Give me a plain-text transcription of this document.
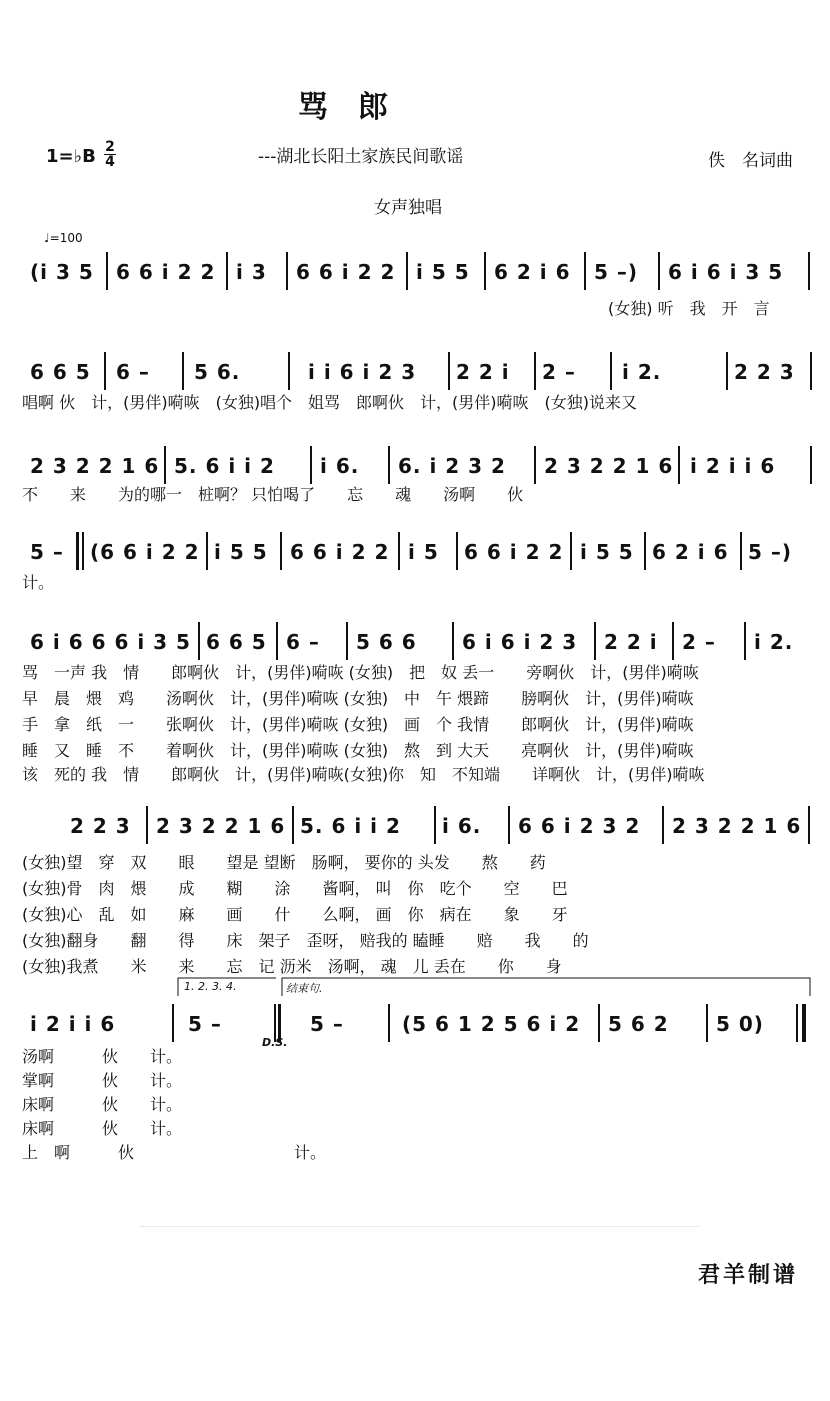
骂　郎
1=♭B 2
4	---湖北长阳土家族民间歌谣	佚　名词曲
女声独唱
♩=100
(i 3 5 6 6 i 2 2 i 3 6 6 i 2 2 i 5 5 6 2 i 6 5 –) 6 i 6 i 3 5
(女独) 听　我　开　言
6 6 5 6 – 5 6.	i i 6 i 2 3 2 2 i 2 – i 2.	2 2 3
唱啊 伙　计，(男伴)嗬咴　(女独)唱个　姐骂　郎啊伙　计，(男伴)嗬咴　(女独)说来又
2 3 2 2 1 6 5. 6 i i 2 i 6. 6. i 2 3 2 2 3 2 2 1 6 i 2 i i 6
不　　来　　为的哪一　桩啊？ 只怕喝了　　忘　　魂　　汤啊　　伙
5 – (6 6 i 2 2 i 5 5 6 6 i 2 2 i 5 6 6 i 2 2 i 5 5 6 2 i 6 5 –)
计。
6 i 6 6 6 i 3 5 6 6 5 6 – 5 6 6 6 i 6 i 2 3 2 2 i 2 – i 2.
骂　一声 我　情　　郎啊伙　计，(男伴)嗬咴 (女独)　把　奴 丢一　　旁啊伙　计，(男伴)嗬咴
早　晨　煨　鸡　　汤啊伙　计，(男伴)嗬咴 (女独)　中　午 煨蹄　　膀啊伙　计，(男伴)嗬咴
手　拿　纸　一　　张啊伙　计，(男伴)嗬咴 (女独)　画　个 我情　　郎啊伙　计，(男伴)嗬咴
睡　又　睡　不　　着啊伙　计，(男伴)嗬咴 (女独)　熬　到 大天　　亮啊伙　计，(男伴)嗬咴
该　死的 我　情　　郎啊伙　计，(男伴)嗬咴(女独)你　知　不知端　　详啊伙　计，(男伴)嗬咴
2 2 3 2 3 2 2 1 6 5. 6 i i 2 i 6. 6 6 i 2 3 2 2 3 2 2 1 6
(女独)望　穿　双　　眼　　望是 望断　肠啊， 要你的 头发　　熬　　药
(女独)骨　肉　煨　　成　　糊　　涂　　酱啊， 叫　你　吃个　　空　　巴
(女独)心　乱　如　　麻　　画　　什　　么啊， 画　你　病在　　象　　牙
(女独)翻身　　翻　　得　　床　架子　歪呀， 赔我的 瞌睡　　赔　　我　　的
(女独)我煮　　米　　来　　忘　记 沥米　汤啊， 魂　儿 丢在　　你　　身
1. 2. 3. 4.	结束句.
i 2 i i 6	5 –	5 –	(5 6 1 2 5 6 i 2 5 6 2 5 0)
D.S.
汤啊　　　伙　　计。
掌啊　　　伙　　计。
床啊　　　伙　　计。
床啊　　　伙　　计。
上　啊　　　伙　　　　　　　　　　计。
君羊制谱
